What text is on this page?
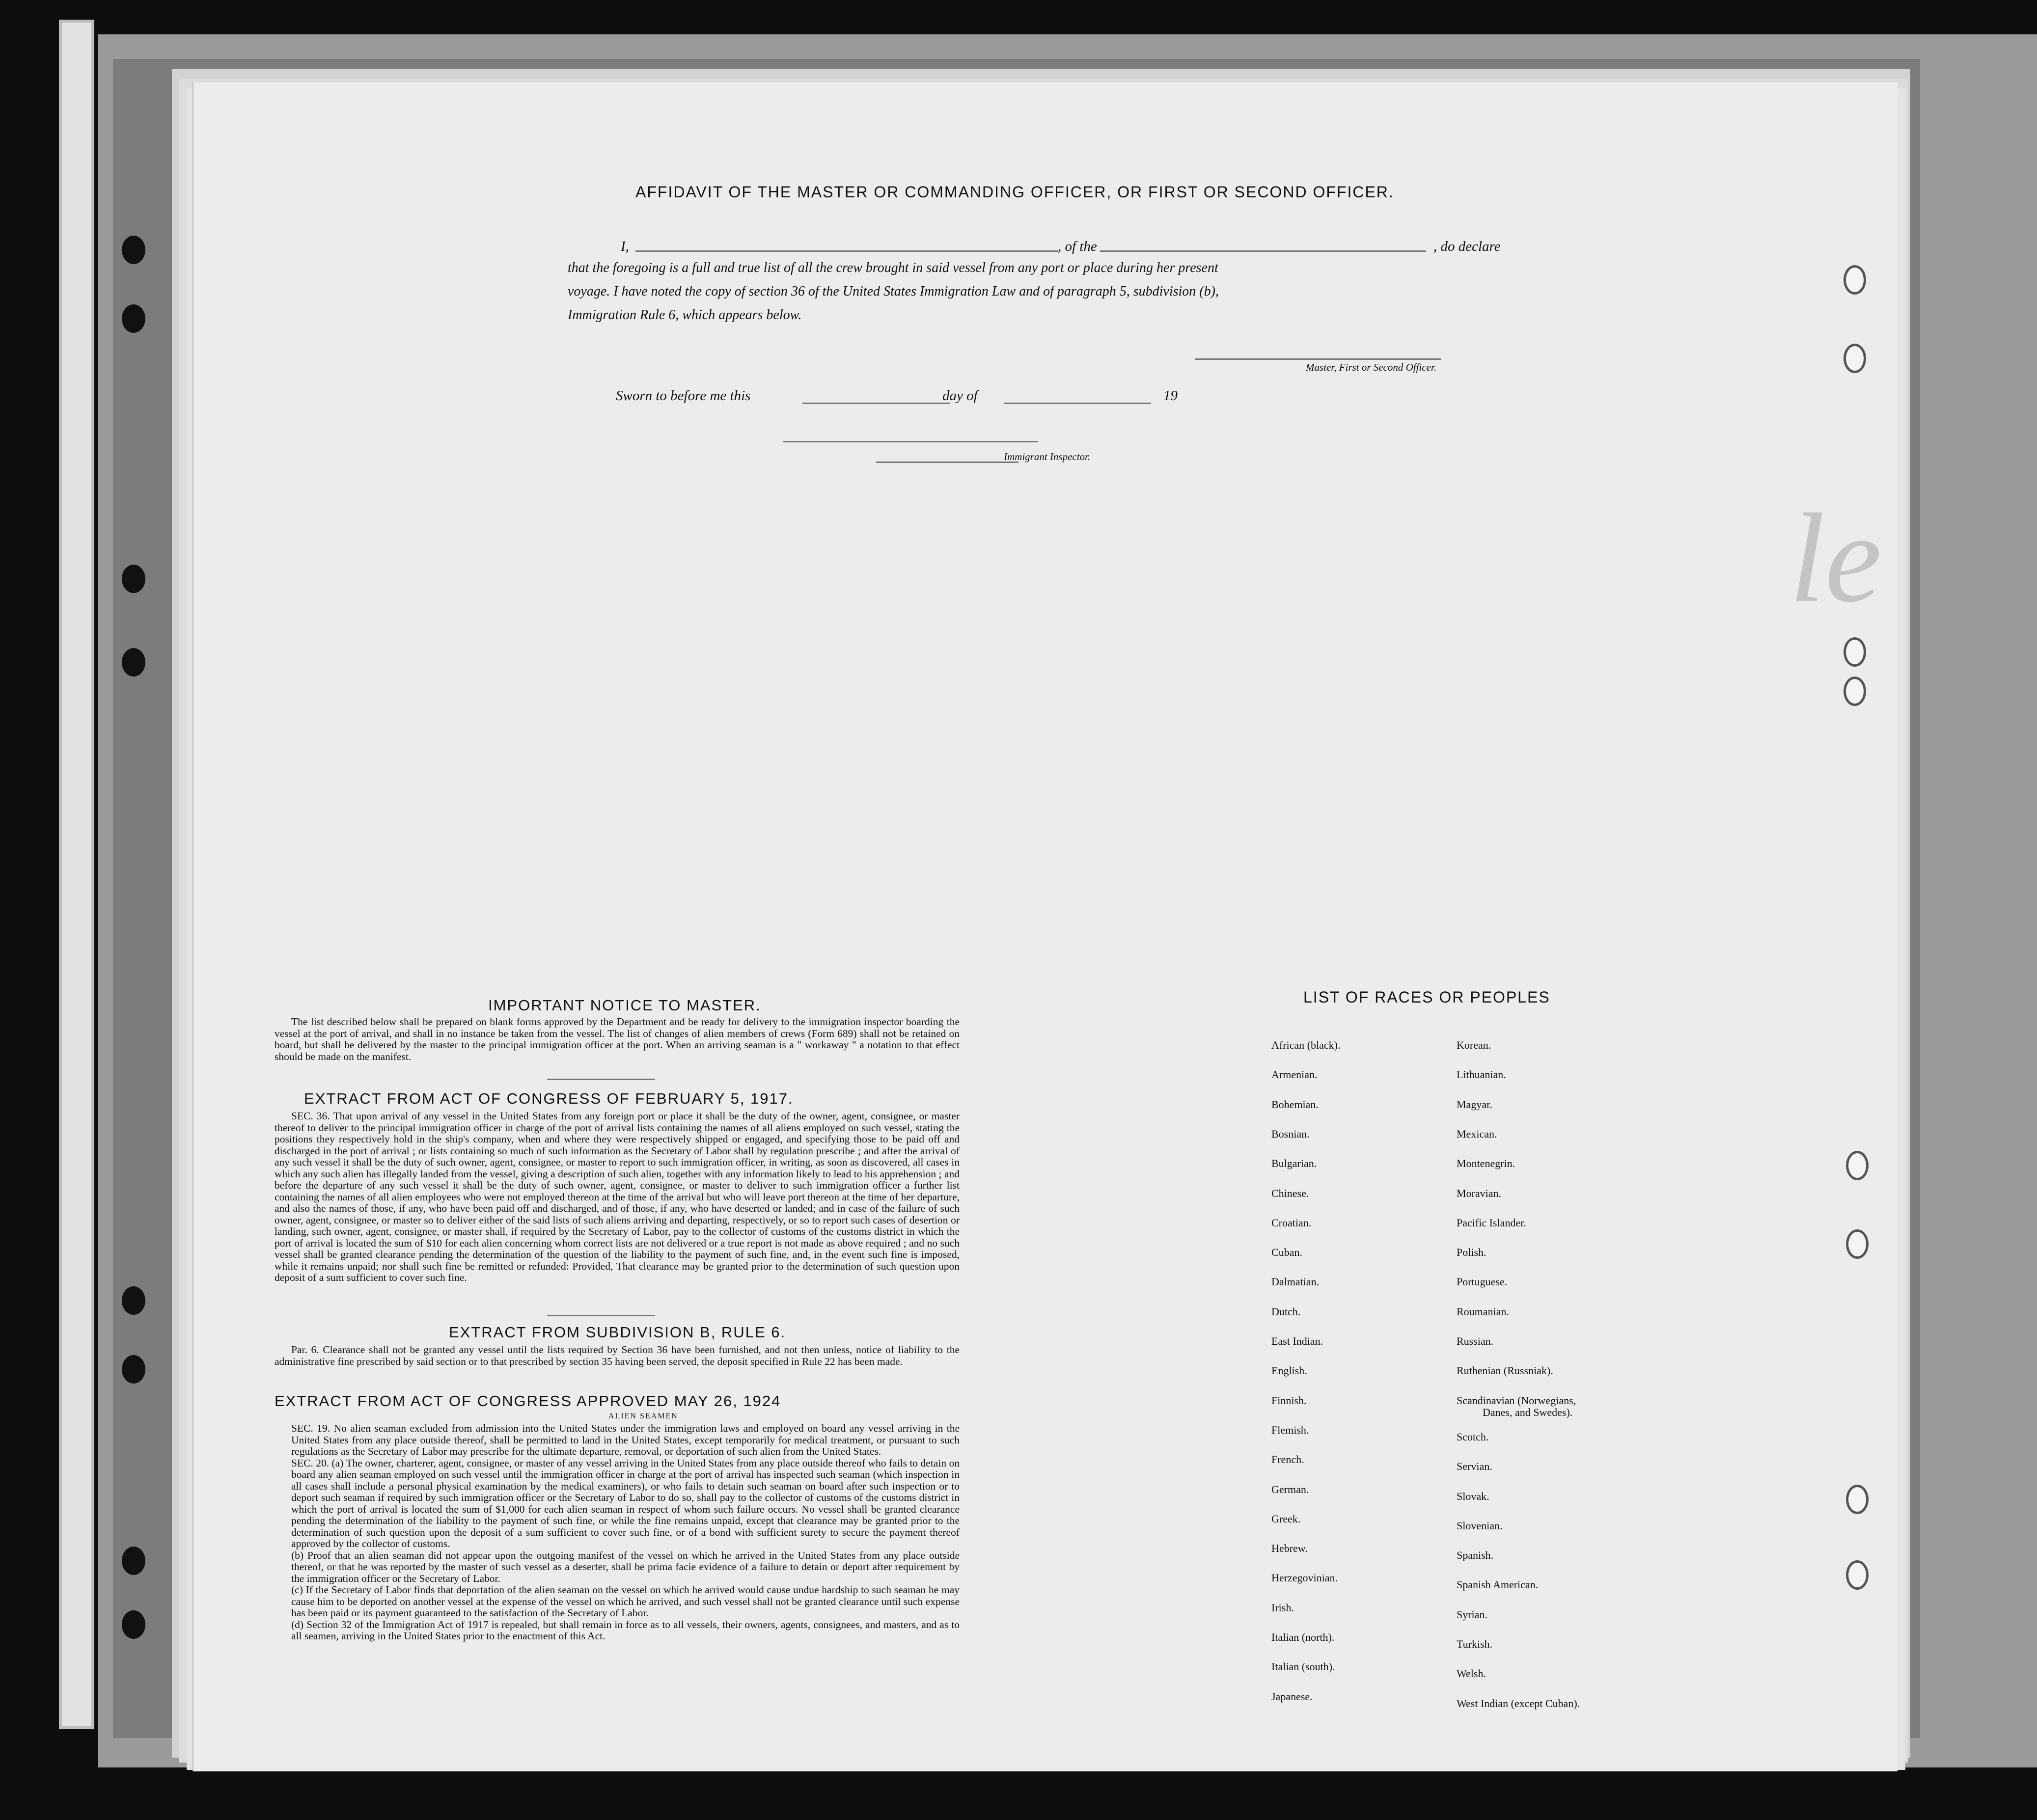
le
AFFIDAVIT OF THE MASTER OR COMMANDING OFFICER, OR FIRST OR SECOND OFFICER.
I,	, of the	, do declare
that the foregoing is a full and true list of all the crew brought in said vessel from any port or place during her present
voyage. I have noted the copy of section 36 of the United States Immigration Law and of paragraph 5, subdivision (b),
Immigration Rule 6, which appears below.
Master, First or Second Officer.
Sworn to before me this	day of	19
Immigrant Inspector.
IMPORTANT NOTICE TO MASTER.
The list described below shall be prepared on blank forms approved by the Department and be ready for delivery to the immigration inspector boarding the vessel at the port of arrival, and shall in no instance be taken from the vessel. The list of changes of alien members of crews (Form 689) shall not be retained on board, but shall be delivered by the master to the principal immigration officer at the port. When an arriving seaman is a " workaway " a notation to that effect should be made on the manifest.
EXTRACT FROM ACT OF CONGRESS OF FEBRUARY 5, 1917.
SEC. 36. That upon arrival of any vessel in the United States from any foreign port or place it shall be the duty of the owner, agent, consignee, or master thereof to deliver to the principal immigration officer in charge of the port of arrival lists containing the names of all aliens employed on such vessel, stating the positions they respectively hold in the ship's company, when and where they were respectively shipped or engaged, and specifying those to be paid off and discharged in the port of arrival ; or lists containing so much of such information as the Secretary of Labor shall by regulation prescribe ; and after the arrival of any such vessel it shall be the duty of such owner, agent, consignee, or master to report to such immigration officer, in writing, as soon as discovered, all cases in which any such alien has illegally landed from the vessel, giving a description of such alien, together with any information likely to lead to his apprehension ; and before the departure of any such vessel it shall be the duty of such owner, agent, consignee, or master to deliver to such immigration officer a further list containing the names of all alien employees who were not employed thereon at the time of the arrival but who will leave port thereon at the time of her departure, and also the names of those, if any, who have been paid off and discharged, and of those, if any, who have deserted or landed; and in case of the failure of such owner, agent, consignee, or master so to deliver either of the said lists of such aliens arriving and departing, respectively, or so to report such cases of desertion or landing, such owner, agent, consignee, or master shall, if required by the Secretary of Labor, pay to the collector of customs of the customs district in which the port of arrival is located the sum of $10 for each alien concerning whom correct lists are not delivered or a true report is not made as above required ; and no such vessel shall be granted clearance pending the determination of the question of the liability to the payment of such fine, and, in the event such fine is imposed, while it remains unpaid; nor shall such fine be remitted or refunded: Provided, That clearance may be granted prior to the determination of such question upon deposit of a sum sufficient to cover such fine.
EXTRACT FROM SUBDIVISION B, RULE 6.
Par. 6. Clearance shall not be granted any vessel until the lists required by Section 36 have been furnished, and not then unless, notice of liability to the administrative fine prescribed by said section or to that prescribed by section 35 having been served, the deposit specified in Rule 22 has been made.
EXTRACT FROM ACT OF CONGRESS APPROVED MAY 26, 1924
ALIEN SEAMEN
SEC. 19. No alien seaman excluded from admission into the United States under the immigration laws and employed on board any vessel arriving in the United States from any place outside thereof, shall be permitted to land in the United States, except temporarily for medical treatment, or pursuant to such regulations as the Secretary of Labor may prescribe for the ultimate departure, removal, or deportation of such alien from the United States.
SEC. 20. (a) The owner, charterer, agent, consignee, or master of any vessel arriving in the United States from any place outside thereof who fails to detain on board any alien seaman employed on such vessel until the immigration officer in charge at the port of arrival has inspected such seaman (which inspection in all cases shall include a personal physical examination by the medical examiners), or who fails to detain such seaman on board after such inspection or to deport such seaman if required by such immigration officer or the Secretary of Labor to do so, shall pay to the collector of customs of the customs district in which the port of arrival is located the sum of $1,000 for each alien seaman in respect of whom such failure occurs. No vessel shall be granted clearance pending the determination of the liability to the payment of such fine, or while the fine remains unpaid, except that clearance may be granted prior to the determination of such question upon the deposit of a sum sufficient to cover such fine, or of a bond with sufficient surety to secure the payment thereof approved by the collector of customs.
(b) Proof that an alien seaman did not appear upon the outgoing manifest of the vessel on which he arrived in the United States from any place outside thereof, or that he was reported by the master of such vessel as a deserter, shall be prima facie evidence of a failure to detain or deport after requirement by the immigration officer or the Secretary of Labor.
(c) If the Secretary of Labor finds that deportation of the alien seaman on the vessel on which he arrived would cause undue hardship to such seaman he may cause him to be deported on another vessel at the expense of the vessel on which he arrived, and such vessel shall not be granted clearance until such expense has been paid or its payment guaranteed to the satisfaction of the Secretary of Labor.
(d) Section 32 of the Immigration Act of 1917 is repealed, but shall remain in force as to all vessels, their owners, agents, consignees, and masters, and as to all seamen, arriving in the United States prior to the enactment of this Act.
LIST OF RACES OR PEOPLES
African (black).
Armenian.
Bohemian.
Bosnian.
Bulgarian.
Chinese.
Croatian.
Cuban.
Dalmatian.
Dutch.
East Indian.
English.
Finnish.
Flemish.
French.
German.
Greek.
Hebrew.
Herzegovinian.
Irish.
Italian (north).
Italian (south).
Japanese.
Korean.
Lithuanian.
Magyar.
Mexican.
Montenegrin.
Moravian.
Pacific Islander.
Polish.
Portuguese.
Roumanian.
Russian.
Ruthenian (Russniak).
Scandinavian (Norwegians,
Danes, and Swedes).
Scotch.
Servian.
Slovak.
Slovenian.
Spanish.
Spanish American.
Syrian.
Turkish.
Welsh.
West Indian (except Cuban).
